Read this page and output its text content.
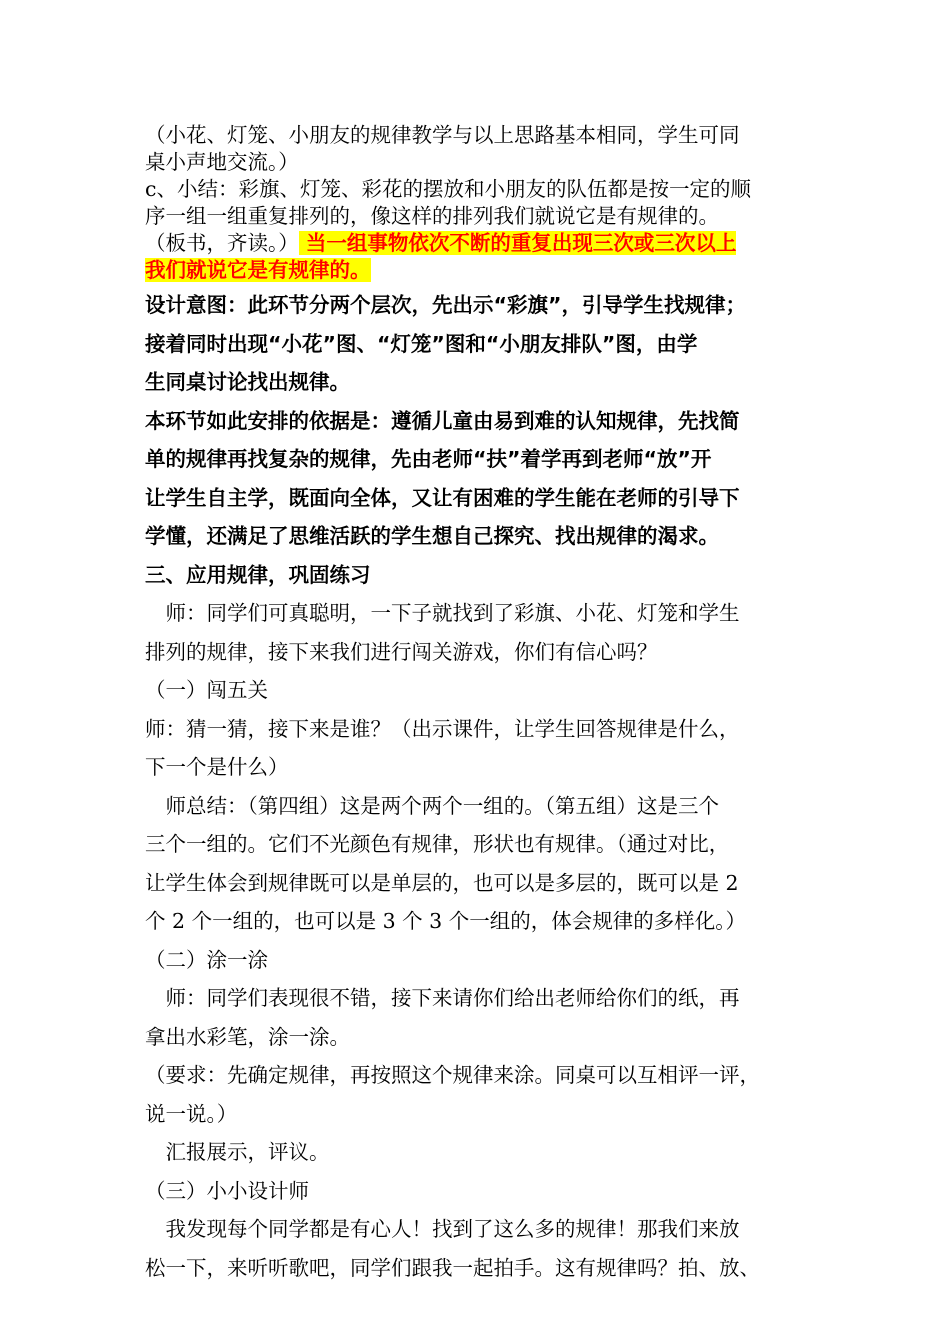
（小花、灯笼、小朋友的规律教学与以上思路基本相同，学生可同
桌小声地交流。）
c、小结：彩旗、灯笼、彩花的摆放和小朋友的队伍都是按一定的顺
序一组一组重复排列的，像这样的排列我们就说它是有规律的。
（板书，齐读。） 当一组事物依次不断的重复出现三次或三次以上
我们就说它是有规律的。
设计意图：此环节分两个层次，先出示“彩旗”，引导学生找规律；
接着同时出现“小花”图、“灯笼”图和“小朋友排队”图，由学
生同桌讨论找出规律。
本环节如此安排的依据是：遵循儿童由易到难的认知规律，先找简
单的规律再找复杂的规律，先由老师“扶”着学再到老师“放”开
让学生自主学，既面向全体，又让有困难的学生能在老师的引导下
学懂，还满足了思维活跃的学生想自己探究、找出规律的渴求。
三、应用规律，巩固练习
师：同学们可真聪明，一下子就找到了彩旗、小花、灯笼和学生
排列的规律，接下来我们进行闯关游戏，你们有信心吗？
（一）闯五关
师：猜一猜，接下来是谁？（出示课件，让学生回答规律是什么，
下一个是什么）
师总结：（第四组）这是两个两个一组的。（第五组）这是三个
三个一组的。它们不光颜色有规律，形状也有规律。（通过对比，
让学生体会到规律既可以是单层的，也可以是多层的，既可以是 2
个 2 个一组的，也可以是 3 个 3 个一组的，体会规律的多样化。）
（二）涂一涂
师：同学们表现很不错，接下来请你们给出老师给你们的纸，再
拿出水彩笔，涂一涂。
（要求：先确定规律，再按照这个规律来涂。同桌可以互相评一评，
说一说。）
汇报展示，评议。
（三）小小设计师
我发现每个同学都是有心人！找到了这么多的规律！那我们来放
松一下，来听听歌吧，同学们跟我一起拍手。这有规律吗？拍、放、
